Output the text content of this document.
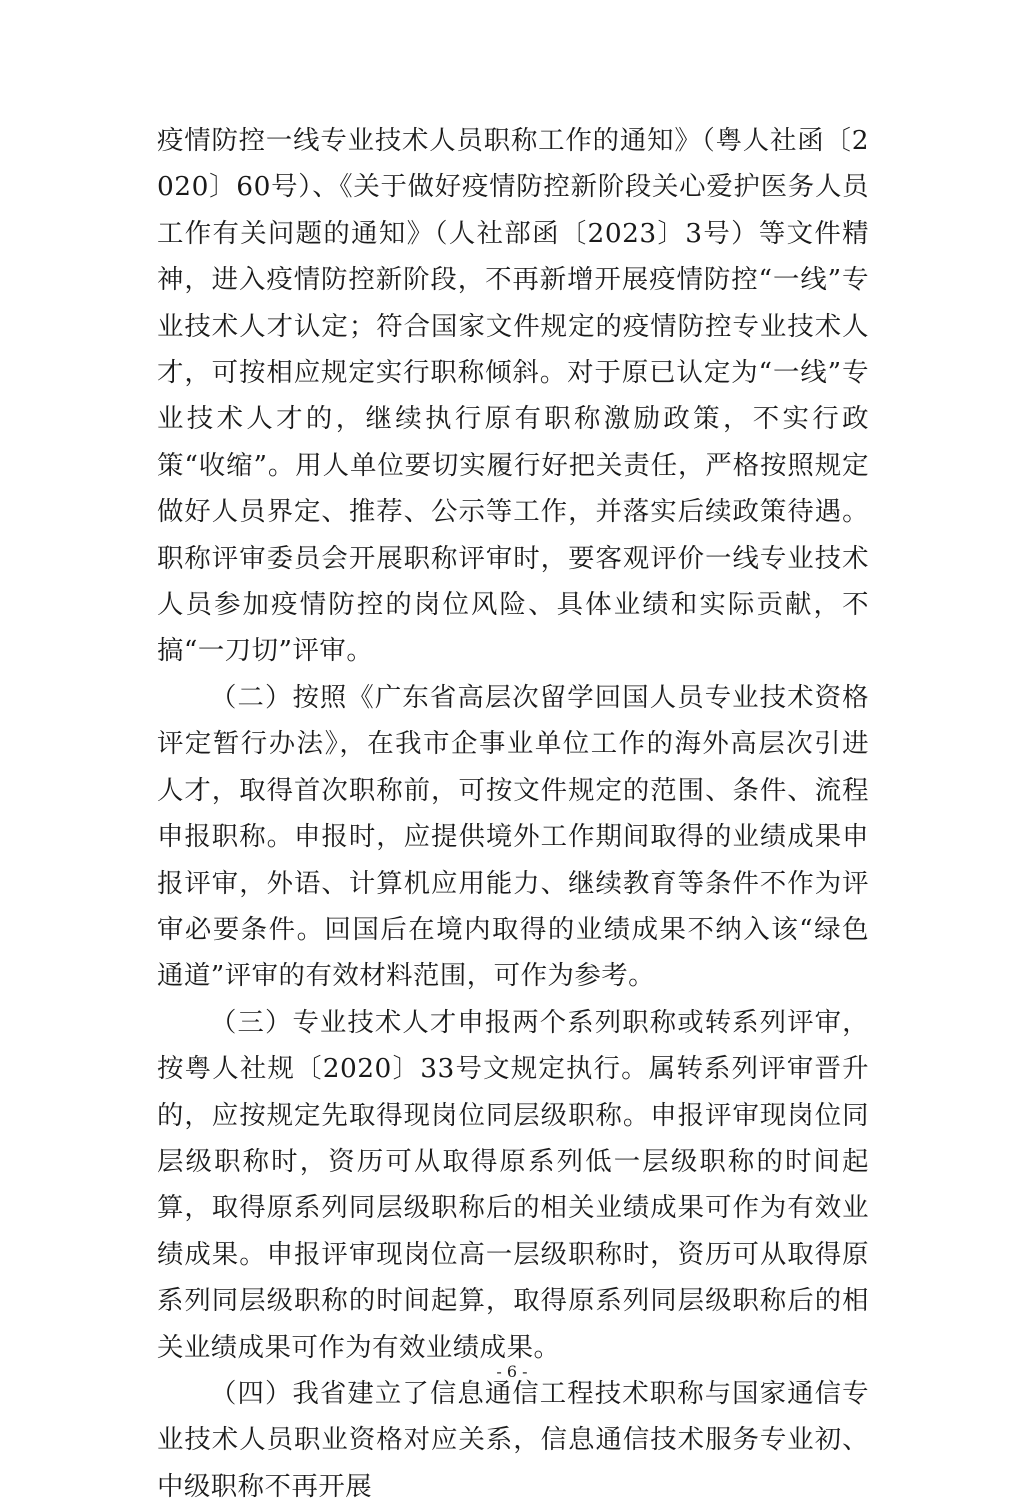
疫情防控一线专业技术人员职称工作的通知》（粤人社函〔2020〕60号）、《关于做好疫情防控新阶段关心爱护医务人员工作有关问题的通知》（人社部函〔2023〕3号）等文件精神，进入疫情防控新阶段，不再新增开展疫情防控“一线”专业技术人才认定；符合国家文件规定的疫情防控专业技术人才，可按相应规定实行职称倾斜。对于原已认定为“一线”专业技术人才的，继续执行原有职称激励政策，不实行政策“收缩”。用人单位要切实履行好把关责任，严格按照规定做好人员界定、推荐、公示等工作，并落实后续政策待遇。职称评审委员会开展职称评审时，要客观评价一线专业技术人员参加疫情防控的岗位风险、具体业绩和实际贡献，不搞“一刀切”评审。

（二）按照《广东省高层次留学回国人员专业技术资格评定暂行办法》，在我市企事业单位工作的海外高层次引进人才，取得首次职称前，可按文件规定的范围、条件、流程申报职称。申报时，应提供境外工作期间取得的业绩成果申报评审，外语、计算机应用能力、继续教育等条件不作为评审必要条件。回国后在境内取得的业绩成果不纳入该“绿色通道”评审的有效材料范围，可作为参考。

（三）专业技术人才申报两个系列职称或转系列评审，按粤人社规〔2020〕33号文规定执行。属转系列评审晋升的，应按规定先取得现岗位同层级职称。申报评审现岗位同层级职称时，资历可从取得原系列低一层级职称的时间起算，取得原系列同层级职称后的相关业绩成果可作为有效业绩成果。申报评审现岗位高一层级职称时，资历可从取得原系列同层级职称的时间起算，取得原系列同层级职称后的相关业绩成果可作为有效业绩成果。

（四）我省建立了信息通信工程技术职称与国家通信专业技术人员职业资格对应关系，信息通信技术服务专业初、中级职称不再开展

- 6 -
